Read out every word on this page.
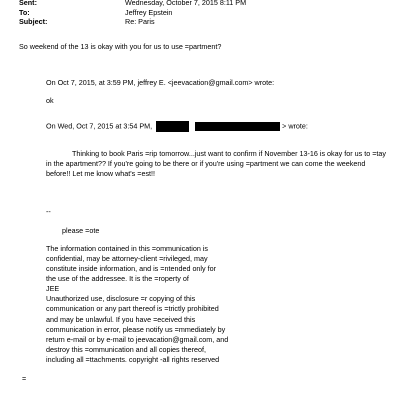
Sent:	Wednesday, October 7, 2015 8:11 PM
To:	Jeffrey Epstein
Subject:	Re: Paris

So weekend of the 13 is okay with you for us to use =partment?

On Oct 7, 2015, at 3:59 PM, jeffrey E. <jeevacation@gmail.com> wrote:

ok

On Wed, Oct 7, 2015 at 3:54 PM,	> wrote:

Thinking to book Paris =rip tomorrow...just want to confirm if November 13-16 is okay for us to =tay in the apartment?? If you're going to be there or if you're using =partment we can come the weekend before!! Let me know what's =est!!

--

please =ote

The information contained in this =ommunication is
confidential, may be attorney-client =rivileged, may
constitute inside information, and is =ntended only for
the use of the addressee. It is the =roperty of
JEE
Unauthorized use, disclosure =r copying of this
communication or any part thereof is =trictly prohibited
and may be unlawful. If you have =eceived this
communication in error, please notify us =mmediately by
return e-mail or by e-mail to jeevacation@gmail.com, and
destroy this =ommunication and all copies thereof,
including all =ttachments. copyright -all rights reserved

=
